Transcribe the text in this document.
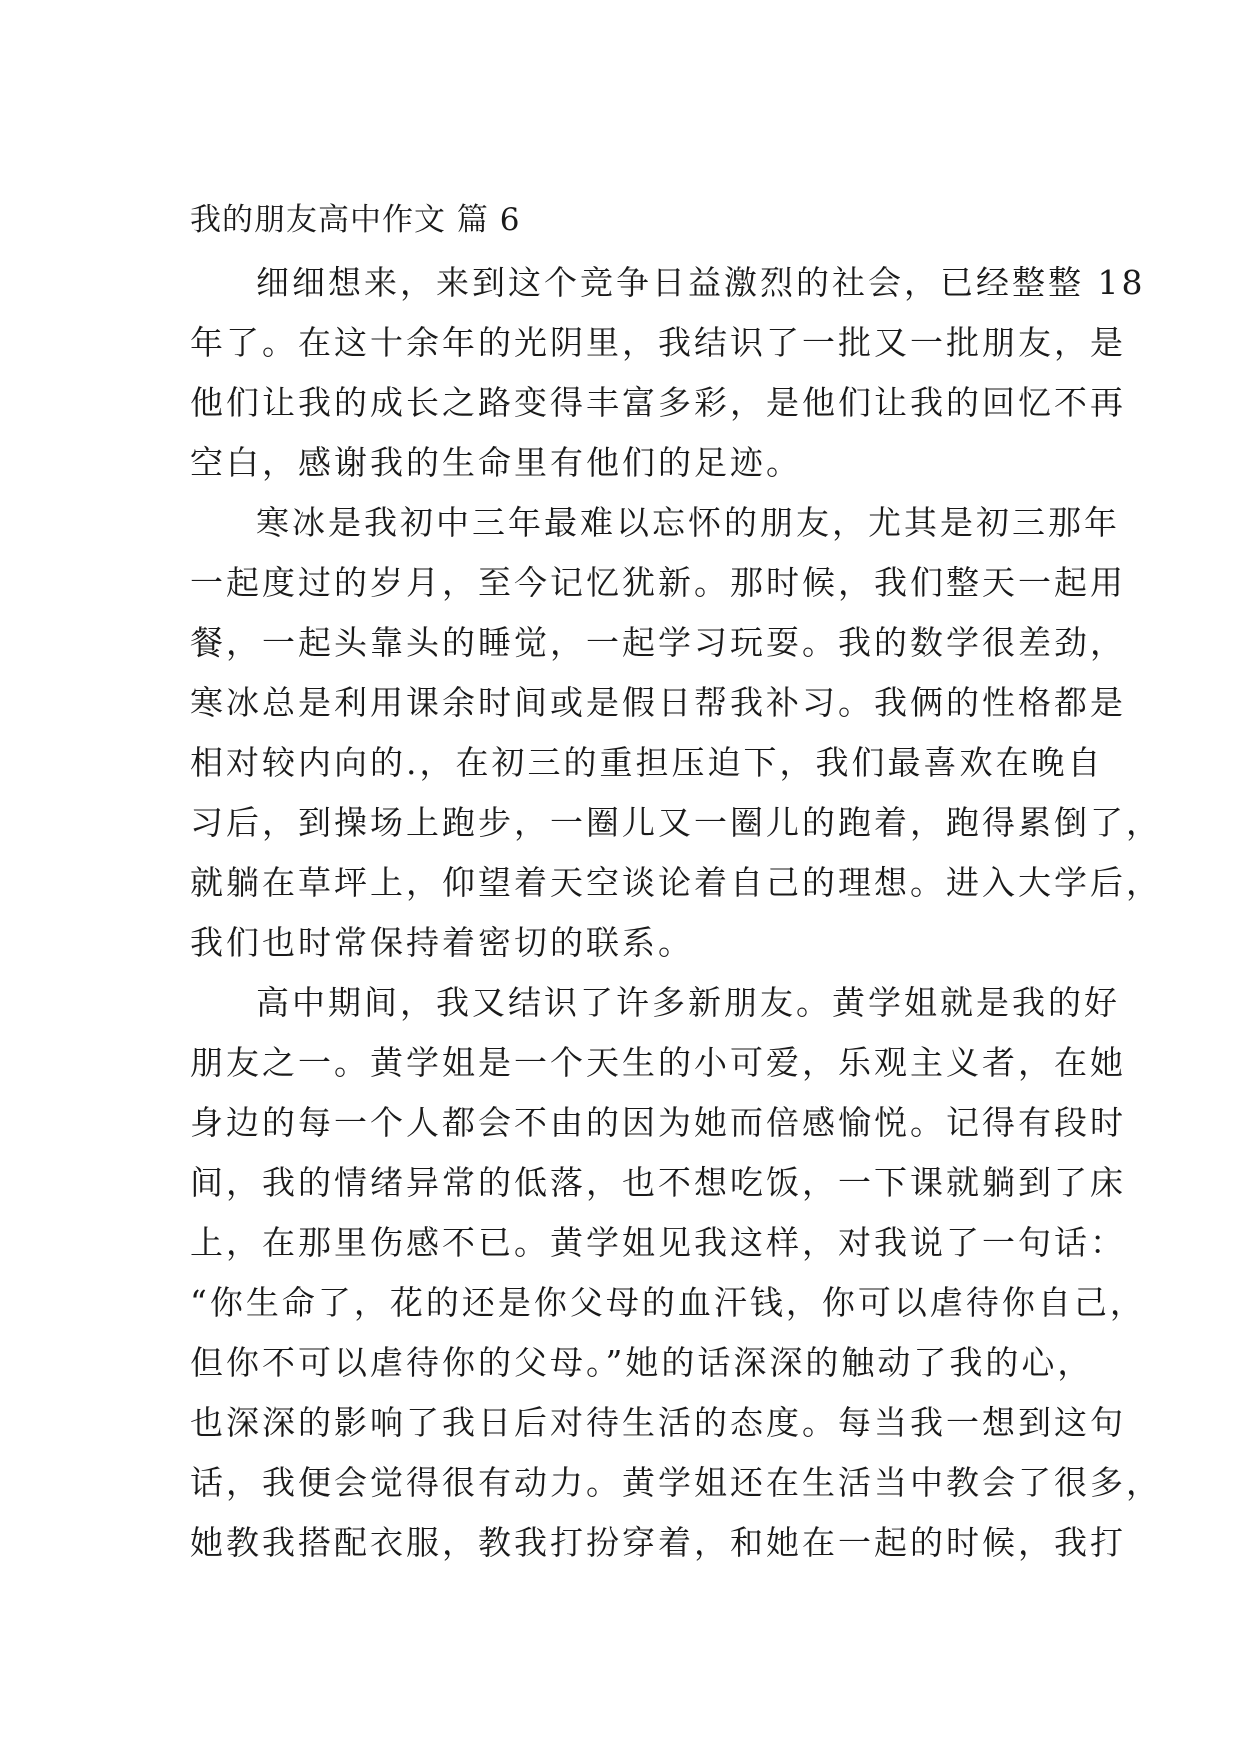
我的朋友高中作文 篇 6
细细想来，来到这个竞争日益激烈的社会，已经整整 18
年了。在这十余年的光阴里，我结识了一批又一批朋友，是
他们让我的成长之路变得丰富多彩，是他们让我的回忆不再
空白，感谢我的生命里有他们的足迹。
寒冰是我初中三年最难以忘怀的朋友，尤其是初三那年
一起度过的岁月，至今记忆犹新。那时候，我们整天一起用
餐，一起头靠头的睡觉，一起学习玩耍。我的数学很差劲，
寒冰总是利用课余时间或是假日帮我补习。我俩的性格都是
相对较内向的.，在初三的重担压迫下，我们最喜欢在晚自
习后，到操场上跑步，一圈儿又一圈儿的跑着，跑得累倒了，
就躺在草坪上，仰望着天空谈论着自己的理想。进入大学后，
我们也时常保持着密切的联系。
高中期间，我又结识了许多新朋友。黄学姐就是我的好
朋友之一。黄学姐是一个天生的小可爱，乐观主义者，在她
身边的每一个人都会不由的因为她而倍感愉悦。记得有段时
间，我的情绪异常的低落，也不想吃饭，一下课就躺到了床
上，在那里伤感不已。黄学姐见我这样，对我说了一句话：
“你生命了，花的还是你父母的血汗钱，你可以虐待你自己，
但你不可以虐待你的父母。”她的话深深的触动了我的心，
也深深的影响了我日后对待生活的态度。每当我一想到这句
话，我便会觉得很有动力。黄学姐还在生活当中教会了很多，
她教我搭配衣服，教我打扮穿着，和她在一起的时候，我打
